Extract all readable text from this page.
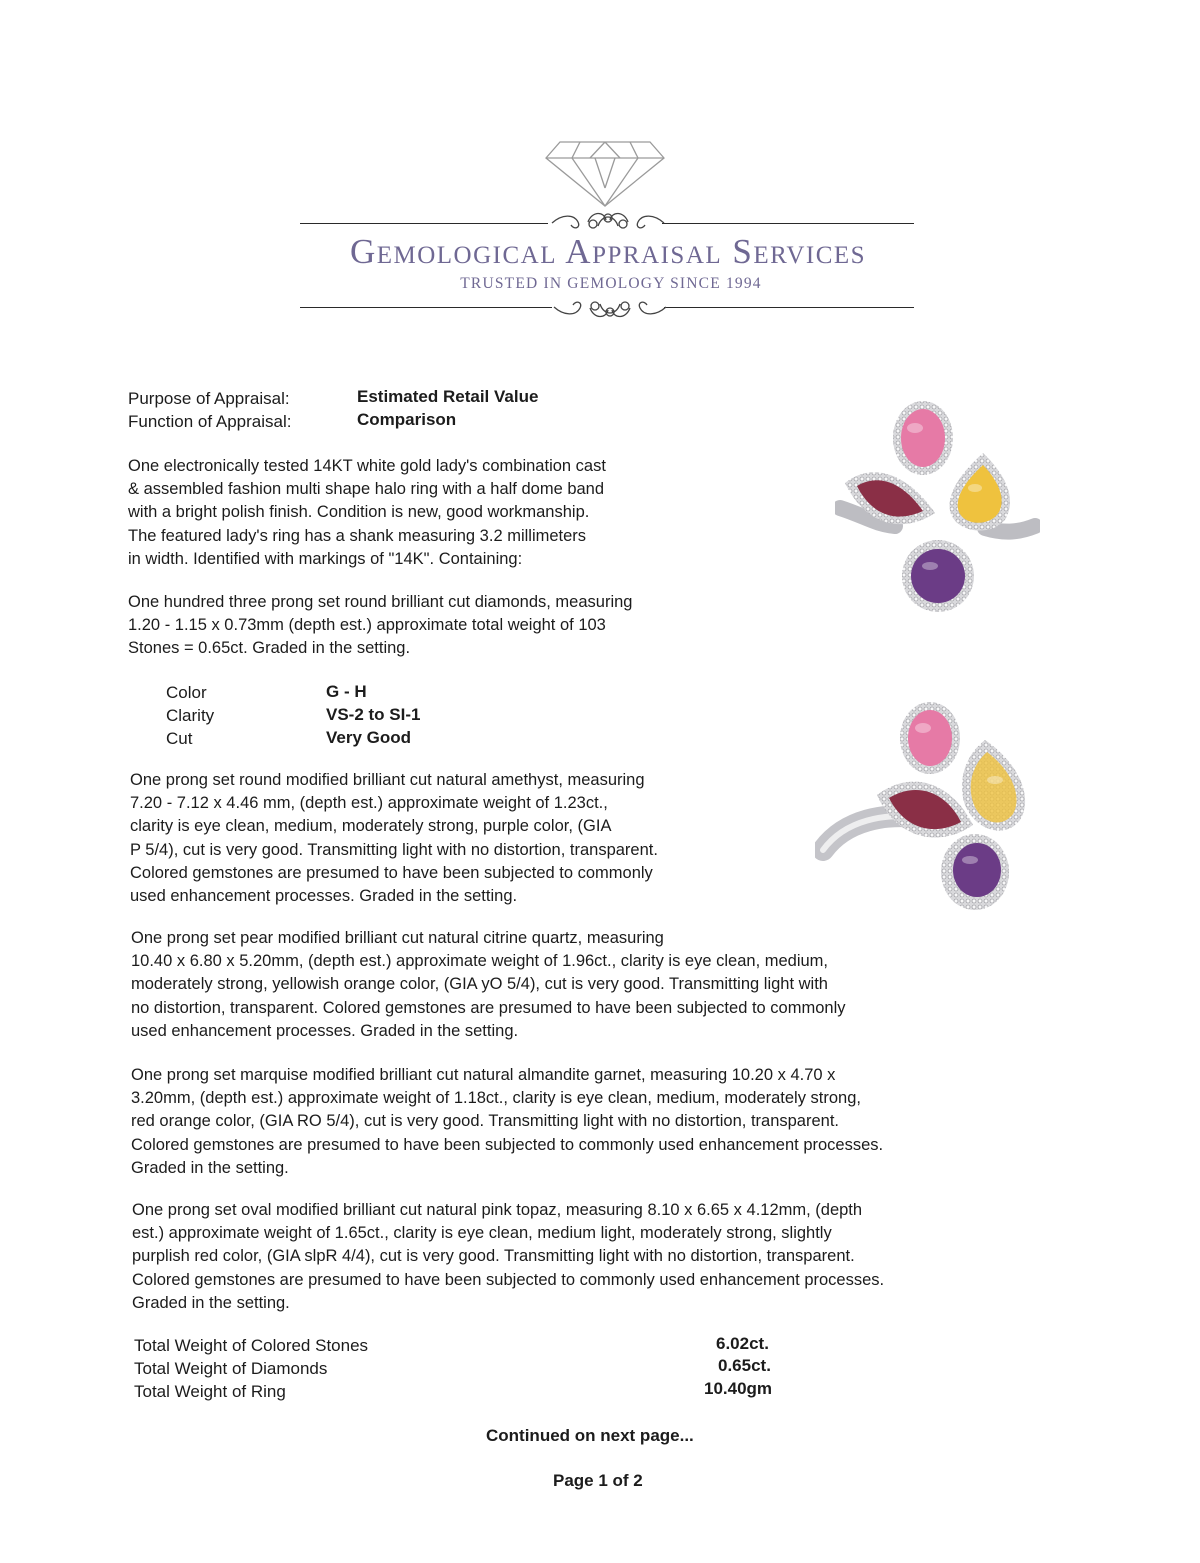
Gemological Appraisal Services
TRUSTED IN GEMOLOGY SINCE 1994
Purpose of Appraisal:	Estimated Retail Value
Function of Appraisal:	Comparison
One electronically tested 14KT white gold lady's combination cast
& assembled fashion multi shape halo ring with a half dome band
with a bright polish finish. Condition is new, good workmanship.
The featured lady's ring has a shank measuring 3.2 millimeters
in width. Identified with markings of "14K". Containing:
One hundred three prong set round brilliant cut diamonds, measuring
1.20 - 1.15 x 0.73mm (depth est.) approximate total weight of 103
Stones = 0.65ct. Graded in the setting.
Color	G - H
Clarity	VS-2 to SI-1
Cut	Very Good
One prong set round modified brilliant cut natural amethyst, measuring
7.20 - 7.12 x 4.46 mm, (depth est.) approximate weight of 1.23ct.,
clarity is eye clean, medium, moderately strong, purple color, (GIA
P 5/4), cut is very good. Transmitting light with no distortion, transparent.
Colored gemstones are presumed to have been subjected to commonly
used enhancement processes. Graded in the setting.
One prong set pear modified brilliant cut natural citrine quartz, measuring
10.40 x 6.80 x 5.20mm, (depth est.) approximate weight of 1.96ct., clarity is eye clean, medium,
moderately strong, yellowish orange color, (GIA yO 5/4), cut is very good. Transmitting light with
no distortion, transparent. Colored gemstones are presumed to have been subjected to commonly
used enhancement processes. Graded in the setting.
One prong set marquise modified brilliant cut natural almandite garnet, measuring 10.20 x 4.70 x
3.20mm, (depth est.) approximate weight of 1.18ct., clarity is eye clean, medium, moderately strong,
red orange color, (GIA RO 5/4), cut is very good. Transmitting light with no distortion, transparent.
Colored gemstones are presumed to have been subjected to commonly used enhancement processes.
Graded in the setting.
One prong set oval modified brilliant cut natural pink topaz, measuring 8.10 x 6.65 x 4.12mm, (depth
est.) approximate weight of 1.65ct., clarity is eye clean, medium light, moderately strong, slightly
purplish red color, (GIA slpR 4/4), cut is very good. Transmitting light with no distortion, transparent.
Colored gemstones are presumed to have been subjected to commonly used enhancement processes.
Graded in the setting.
Total Weight of Colored Stones	6.02ct.
Total Weight of Diamonds	0.65ct.
Total Weight of Ring	10.40gm
Continued on next page...
Page 1 of 2
